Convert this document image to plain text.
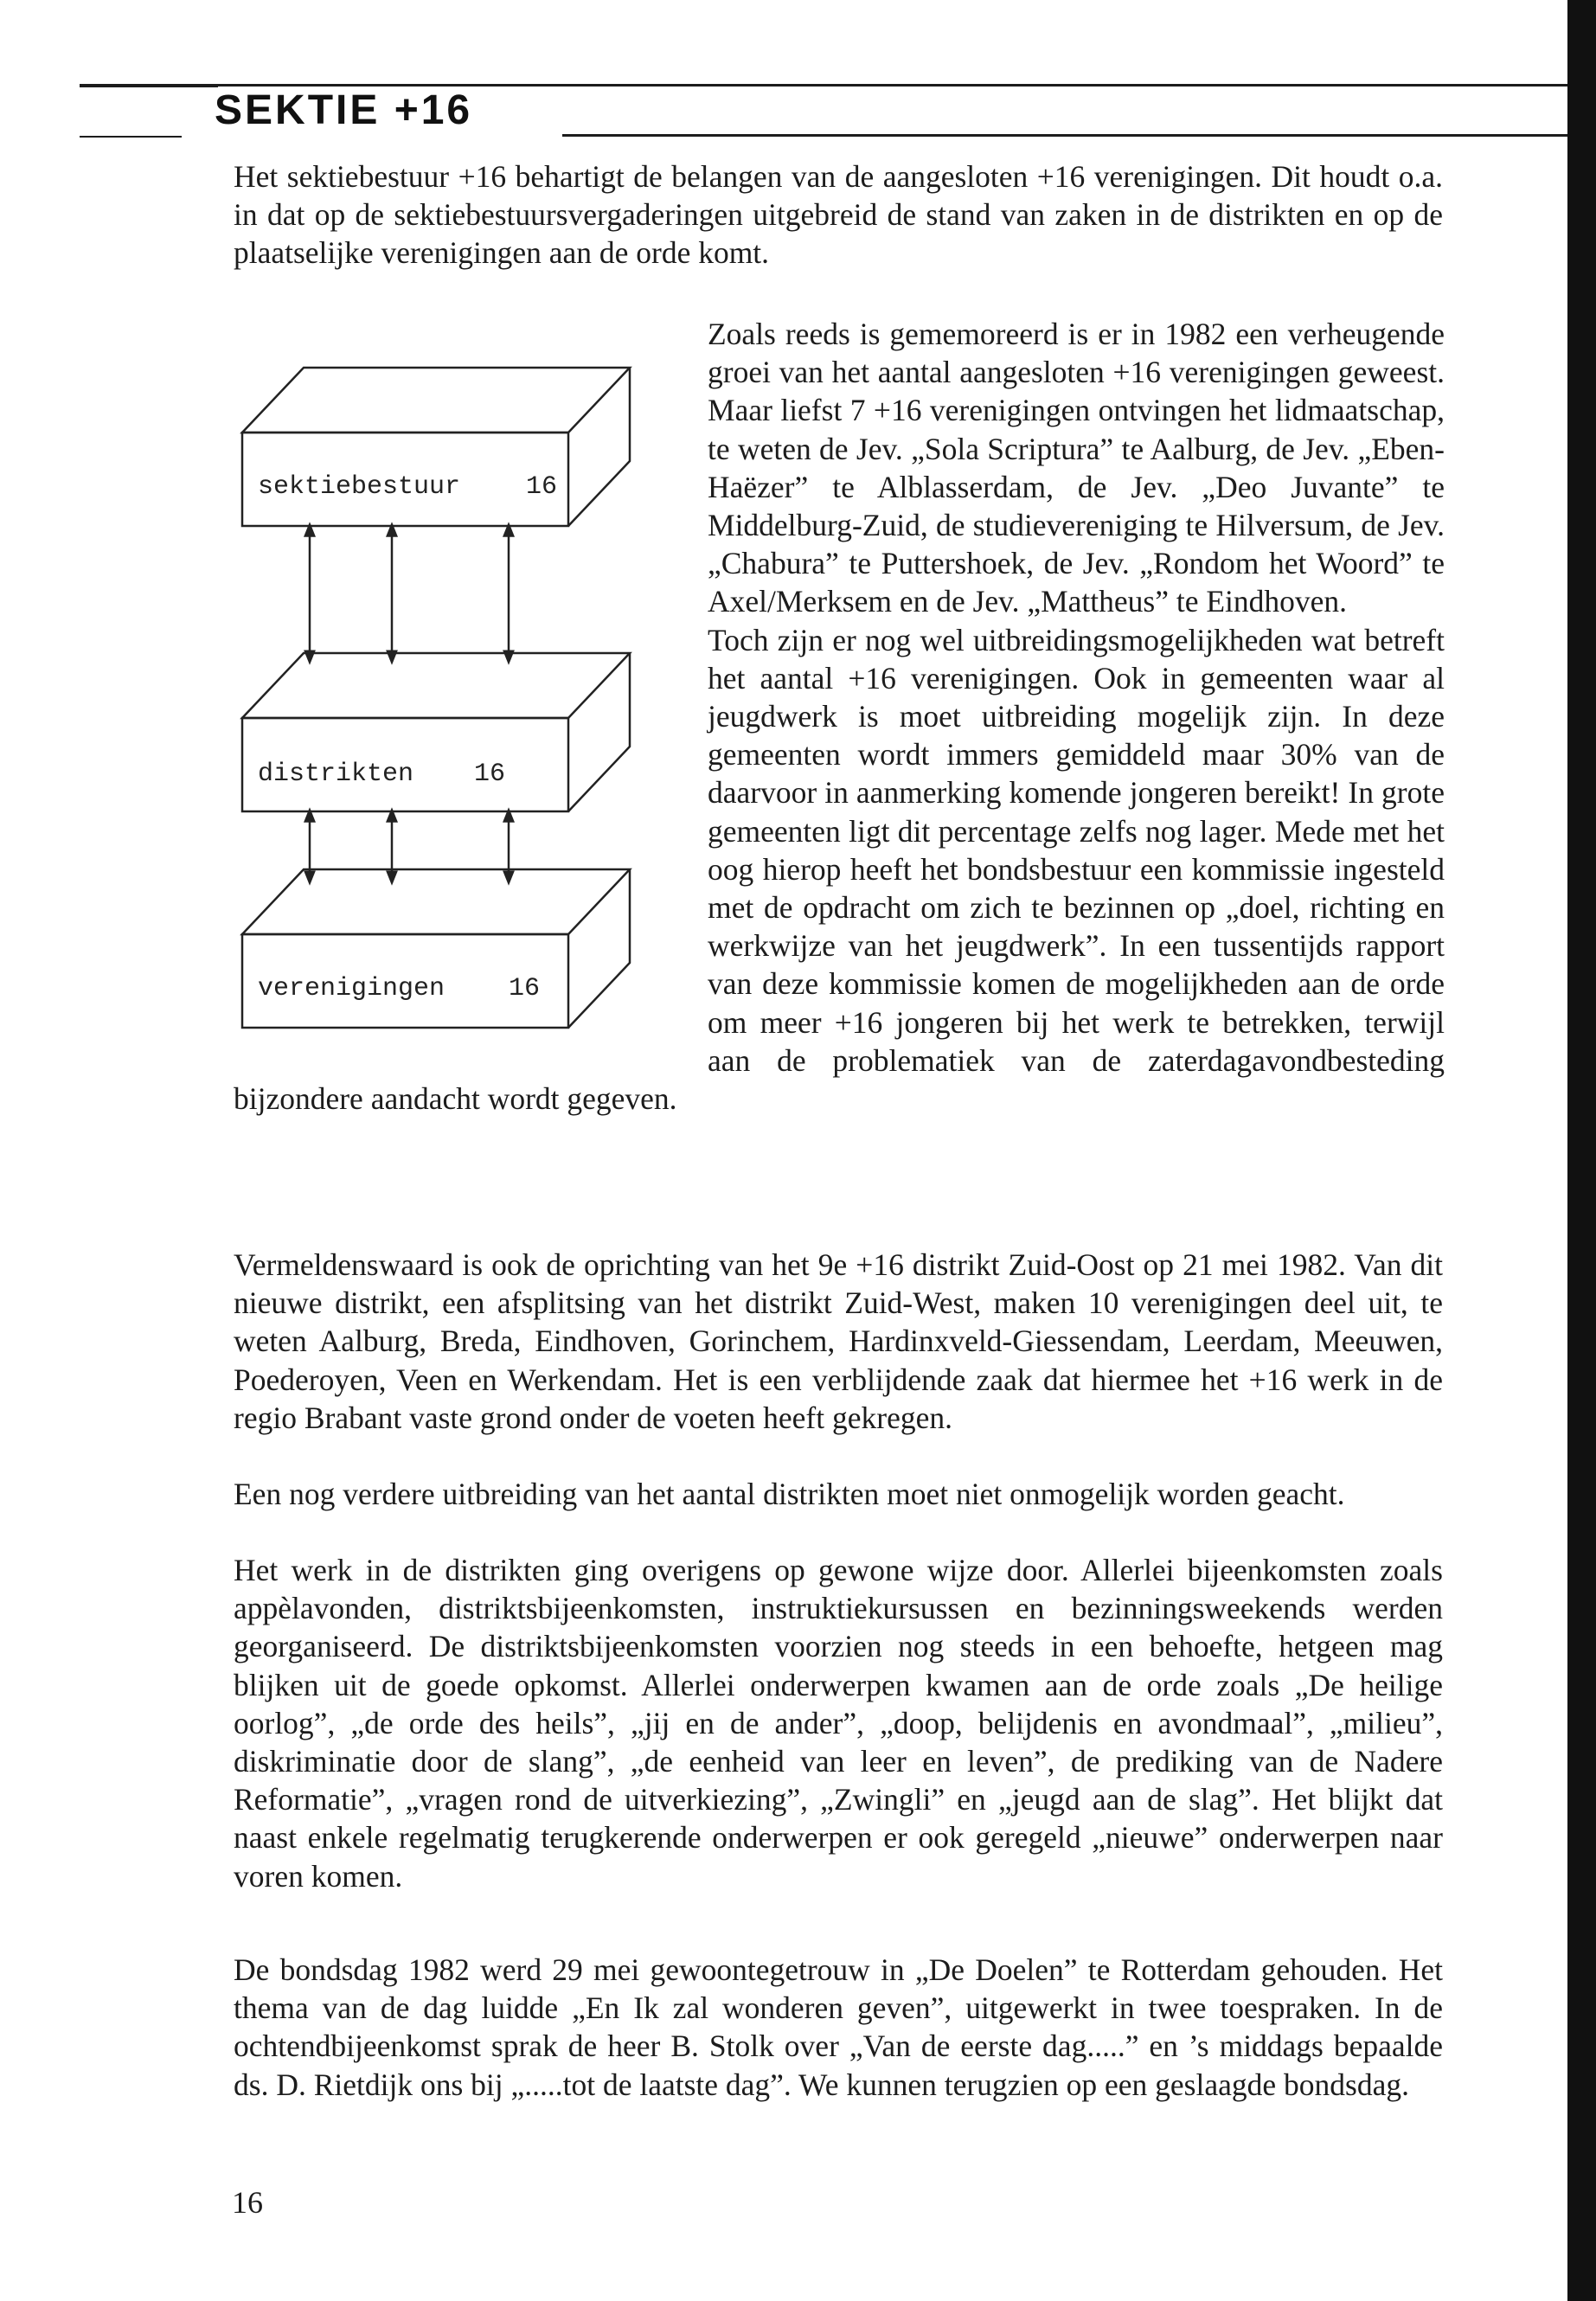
SEKTIE +16

Het sektiebestuur +16 behartigt de belangen van de aangesloten +16 verenigingen. Dit houdt o.a. in dat op de sektiebestuursvergaderingen uitgebreid de stand van zaken in de distrikten en op de plaatselijke verenigingen aan de orde komt.

sektiebestuur	16
distrikten 16
verenigingen 16

Zoals reeds is gememoreerd is er in 1982 een verheugende groei van het aantal aangesloten +16 verenigingen geweest. Maar liefst 7 +16 verenigingen ontvingen het lidmaatschap, te weten de Jev. „Sola Scriptura” te Aalburg, de Jev. „Eben-Haëzer” te Alblasserdam, de Jev. „Deo Juvante” te Middelburg-Zuid, de studievereniging te Hilversum, de Jev. „Chabura” te Puttershoek, de Jev. „Rondom het Woord” te Axel/Merksem en de Jev. „Mattheus” te Eindhoven.

Toch zijn er nog wel uitbreidingsmogelijkheden wat betreft het aantal +16 verenigingen. Ook in gemeenten waar al jeugdwerk is moet uitbreiding mogelijk zijn. In deze gemeenten wordt immers gemiddeld maar 30% van de daarvoor in aanmerking komende jongeren bereikt! In grote gemeenten ligt dit percentage zelfs nog lager. Mede met het oog hierop heeft het bondsbestuur een kommissie ingesteld met de opdracht om zich te bezinnen op „doel, richting en werkwijze van het jeugdwerk”. In een tussentijds rapport van deze kommissie komen de mogelijkheden aan de orde om meer +16 jongeren bij het werk te betrekken, terwijl aan de problematiek van de zaterdagavondbesteding bijzondere aandacht wordt gegeven.

Vermeldenswaard is ook de oprichting van het 9e +16 distrikt Zuid-Oost op 21 mei 1982. Van dit nieuwe distrikt, een afsplitsing van het distrikt Zuid-West, maken 10 verenigingen deel uit, te weten Aalburg, Breda, Eindhoven, Gorinchem, Hardinxveld-Giessendam, Leerdam, Meeuwen, Poederoyen, Veen en Werkendam. Het is een verblijdende zaak dat hiermee het +16 werk in de regio Brabant vaste grond onder de voeten heeft gekregen.

Een nog verdere uitbreiding van het aantal distrikten moet niet onmogelijk worden geacht.

Het werk in de distrikten ging overigens op gewone wijze door. Allerlei bijeenkomsten zoals appèlavonden, distriktsbijeenkomsten, instruktiekursussen en bezinningsweekends werden georganiseerd. De distriktsbijeenkomsten voorzien nog steeds in een behoefte, hetgeen mag blijken uit de goede opkomst. Allerlei onderwerpen kwamen aan de orde zoals „De heilige oorlog”, „de orde des heils”, „jij en de ander”, „doop, belijdenis en avondmaal”, „milieu”, diskriminatie door de slang”, „de eenheid van leer en leven”, de prediking van de Nadere Reformatie”, „vragen rond de uitverkiezing”, „Zwingli” en „jeugd aan de slag”. Het blijkt dat naast enkele regelmatig terugkerende onderwerpen er ook geregeld „nieuwe” onderwerpen naar voren komen.

De bondsdag 1982 werd 29 mei gewoontegetrouw in „De Doelen” te Rotterdam gehouden. Het thema van de dag luidde „En Ik zal wonderen geven”, uitgewerkt in twee toespraken. In de ochtendbijeenkomst sprak de heer B. Stolk over „Van de eerste dag.....” en ’s middags bepaalde ds. D. Rietdijk ons bij „.....tot de laatste dag”. We kunnen terugzien op een geslaagde bondsdag.

16
